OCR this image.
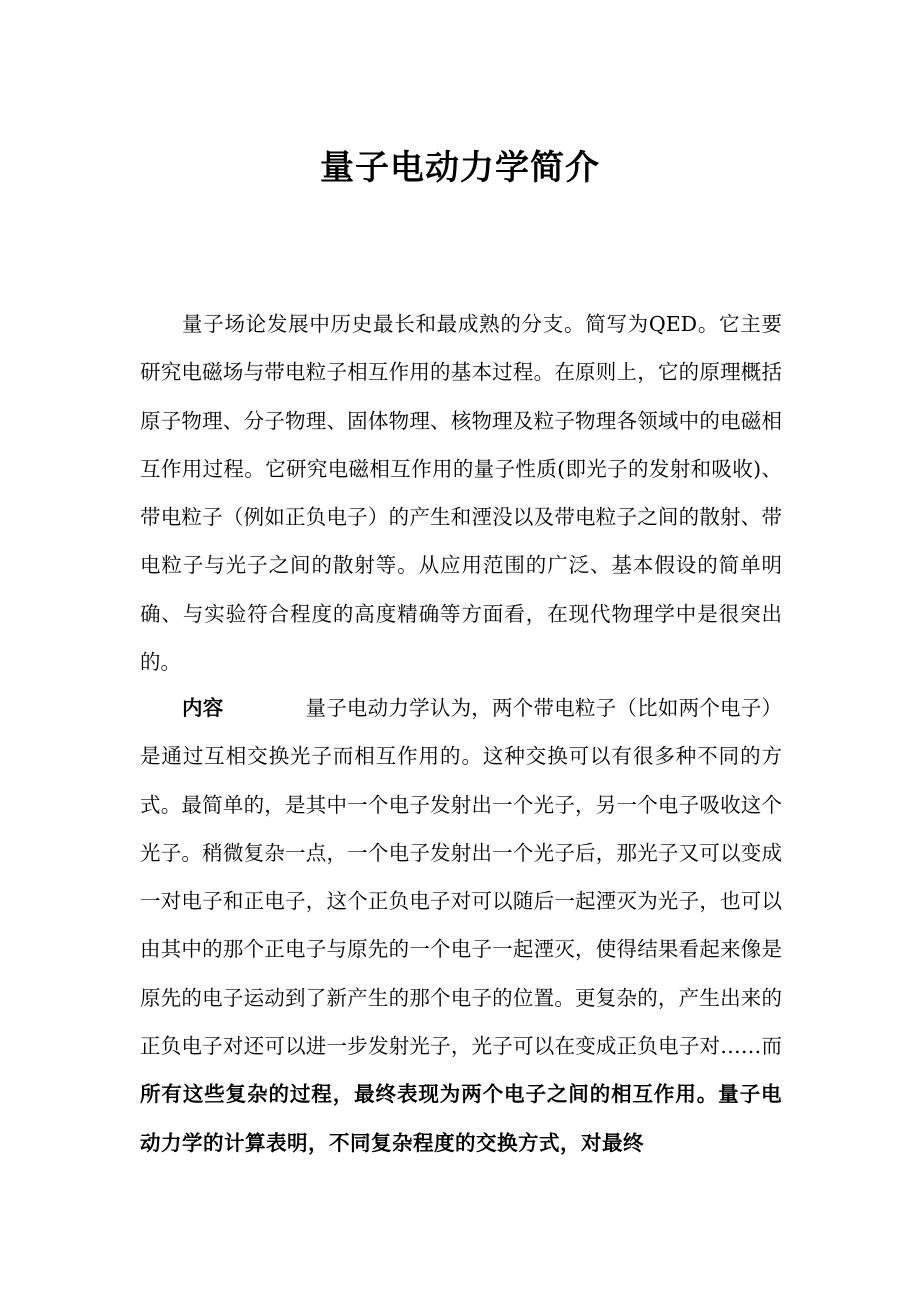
量子电动力学简介

量子场论发展中历史最长和最成熟的分支。简写为QED。它主要研究电磁场与带电粒子相互作用的基本过程。在原则上，它的原理概括原子物理、分子物理、固体物理、核物理及粒子物理各领域中的电磁相互作用过程。它研究电磁相互作用的量子性质(即光子的发射和吸收)、带电粒子（例如正负电子）的产生和湮没以及带电粒子之间的散射、带电粒子与光子之间的散射等。从应用范围的广泛、基本假设的简单明确、与实验符合程度的高度精确等方面看，在现代物理学中是很突出的。

内容	量子电动力学认为，两个带电粒子（比如两个电子）是通过互相交换光子而相互作用的。这种交换可以有很多种不同的方式。最简单的，是其中一个电子发射出一个光子，另一个电子吸收这个光子。稍微复杂一点，一个电子发射出一个光子后，那光子又可以变成一对电子和正电子，这个正负电子对可以随后一起湮灭为光子，也可以由其中的那个正电子与原先的一个电子一起湮灭，使得结果看起来像是原先的电子运动到了新产生的那个电子的位置。更复杂的，产生出来的正负电子对还可以进一步发射光子，光子可以在变成正负电子对……而所有这些复杂的过程，最终表现为两个电子之间的相互作用。量子电动力学的计算表明，不同复杂程度的交换方式，对最终
